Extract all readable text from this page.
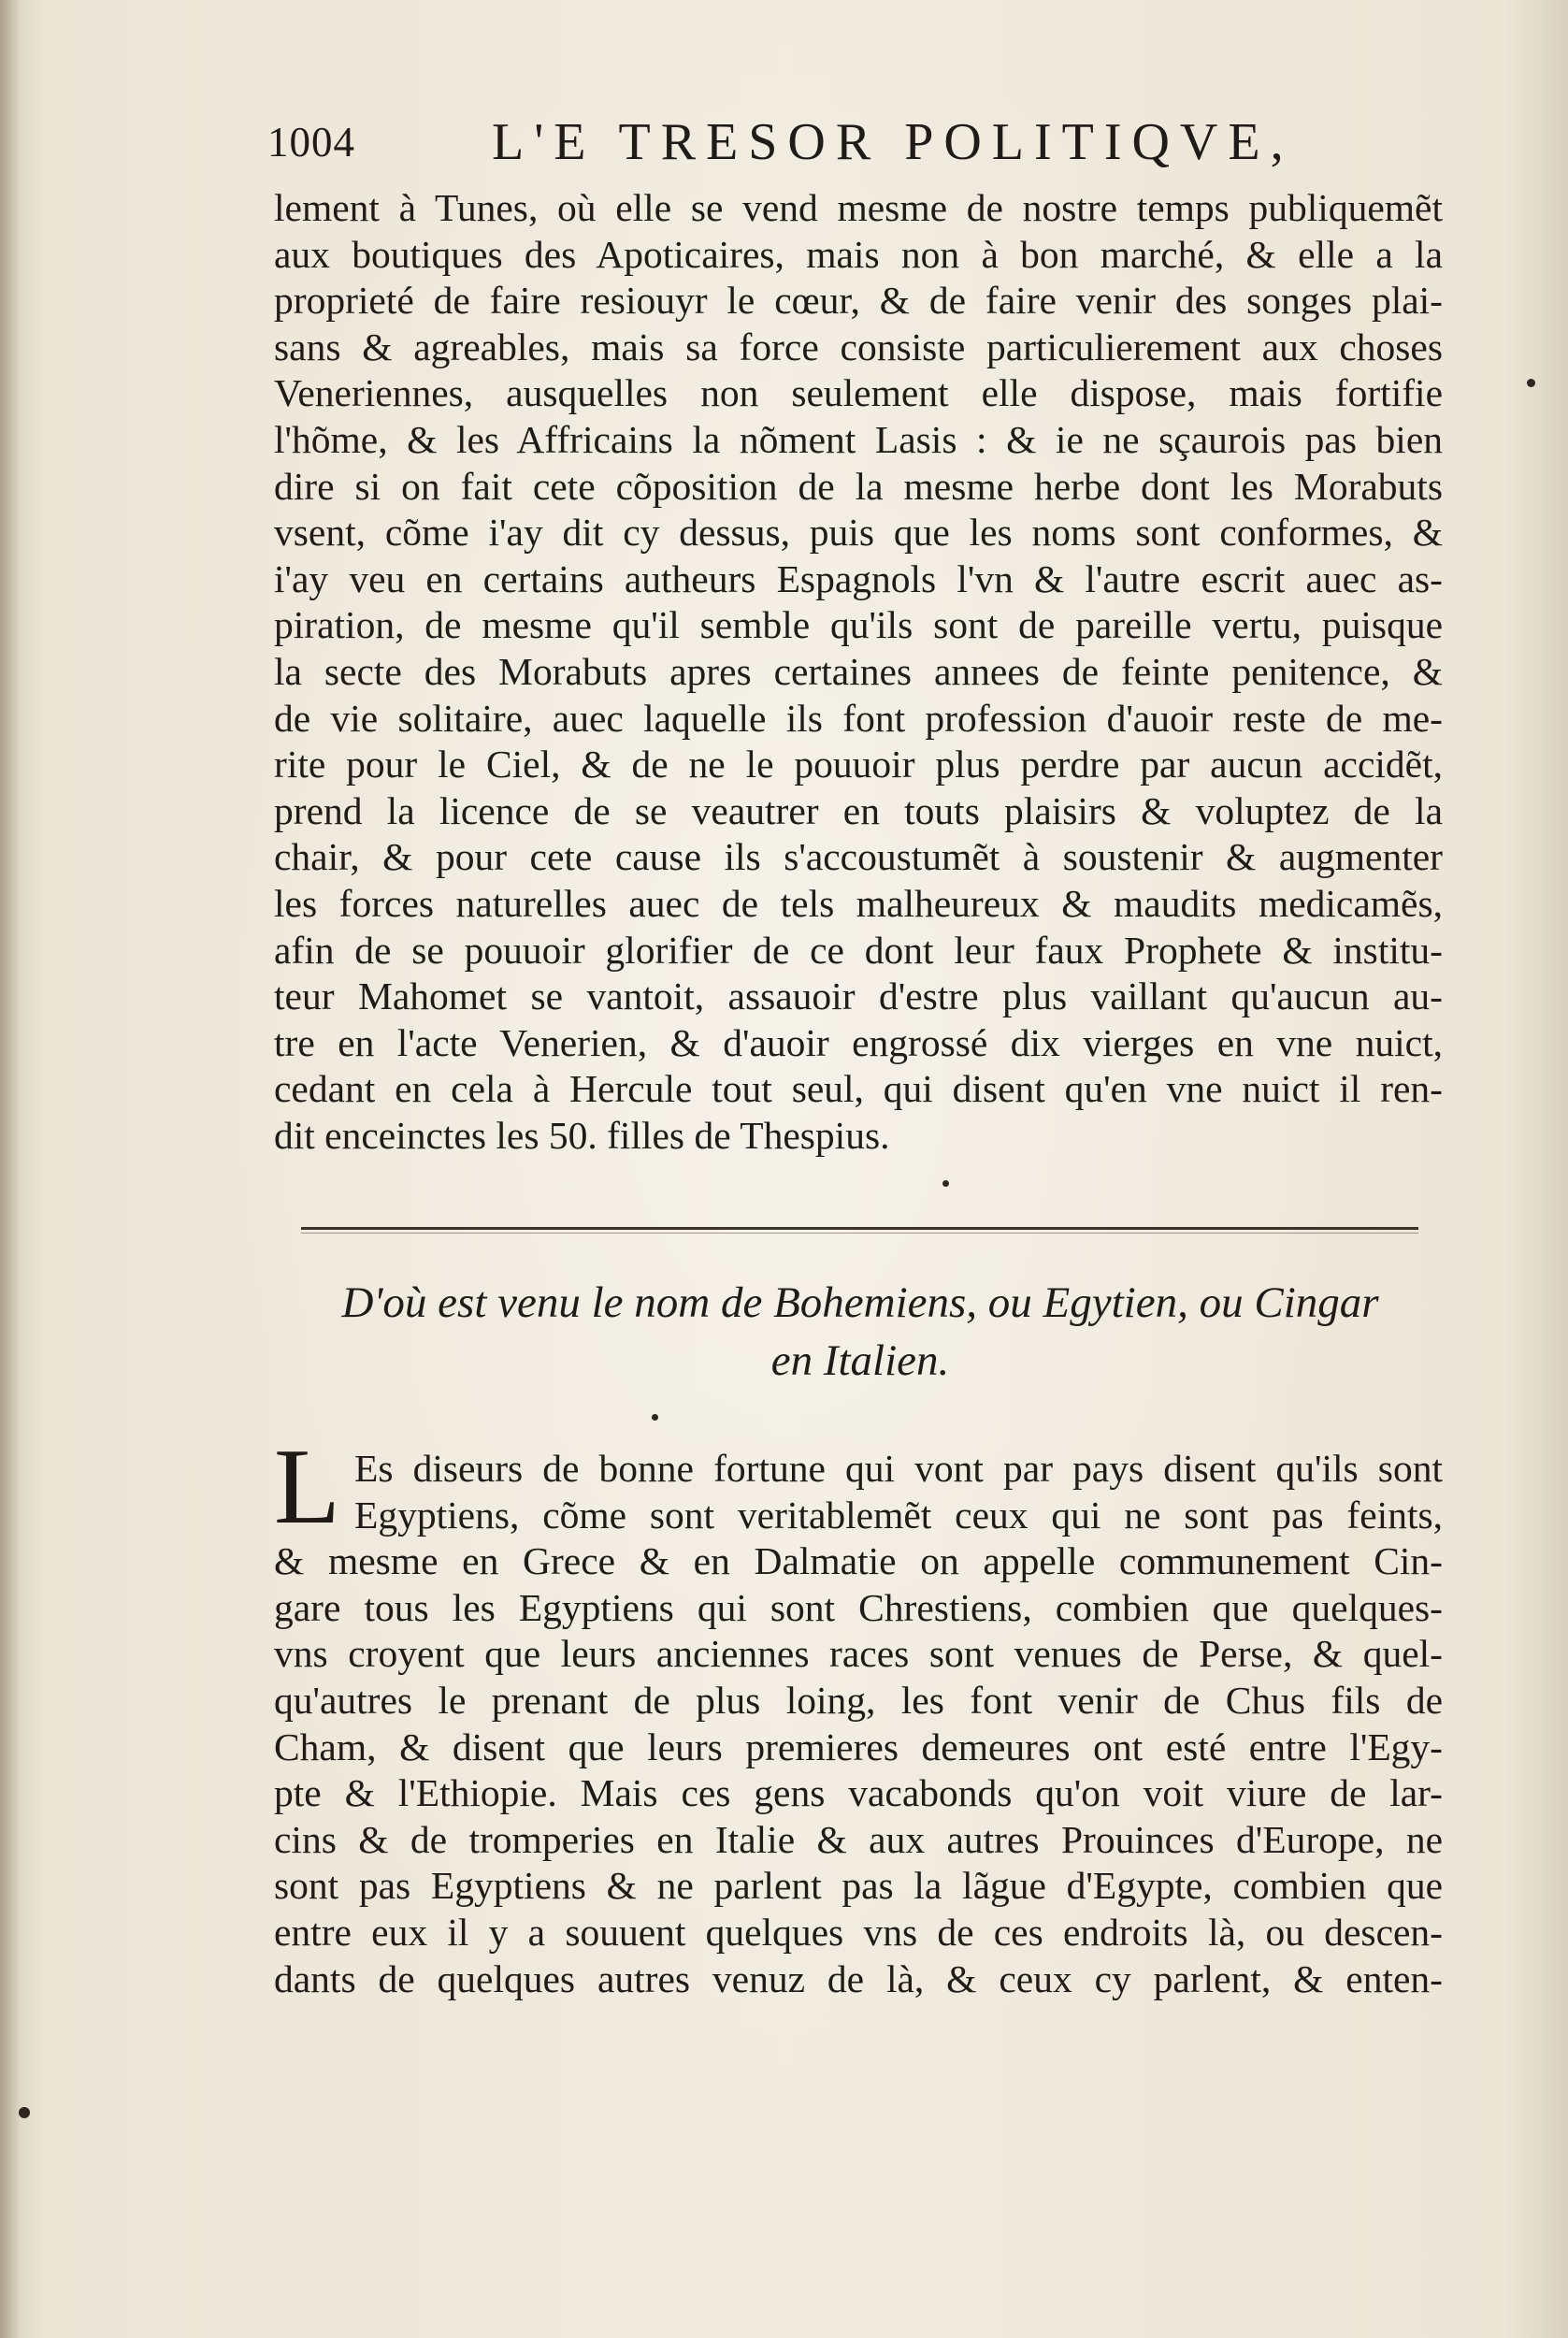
1004	L'E TRESOR POLITIQVE,
lement à Tunes, où elle se vend mesme de nostre temps publiquemẽt
aux boutiques des Apoticaires, mais non à bon marché, & elle a la
proprieté de faire resiouyr le cœur, & de faire venir des songes plai-
sans & agreables, mais sa force consiste particulierement aux choses
Veneriennes, ausquelles non seulement elle dispose, mais fortifie
l'hõme, & les Affricains la nõment Lasis : & ie ne sçaurois pas bien
dire si on fait cete cõposition de la mesme herbe dont les Morabuts
vsent, cõme i'ay dit cy dessus, puis que les noms sont conformes, &
i'ay veu en certains autheurs Espagnols l'vn & l'autre escrit auec as-
piration, de mesme qu'il semble qu'ils sont de pareille vertu, puisque
la secte des Morabuts apres certaines annees de feinte penitence, &
de vie solitaire, auec laquelle ils font profession d'auoir reste de me-
rite pour le Ciel, & de ne le pouuoir plus perdre par aucun accidẽt,
prend la licence de se veautrer en touts plaisirs & voluptez de la
chair, & pour cete cause ils s'accoustumẽt à soustenir & augmenter
les forces naturelles auec de tels malheureux & maudits medicamẽs,
afin de se pouuoir glorifier de ce dont leur faux Prophete & institu-
teur Mahomet se vantoit, assauoir d'estre plus vaillant qu'aucun au-
tre en l'acte Venerien, & d'auoir engrossé dix vierges en vne nuict,
cedant en cela à Hercule tout seul, qui disent qu'en vne nuict il ren-
dit enceinctes les 50. filles de Thespius.
D'où est venu le nom de Bohemiens, ou Egytien, ou Cingar
en Italien.
L Es diseurs de bonne fortune qui vont par pays disent qu'ils sont
Egyptiens, cõme sont veritablemẽt ceux qui ne sont pas feints,
& mesme en Grece & en Dalmatie on appelle communement Cin-
gare tous les Egyptiens qui sont Chrestiens, combien que quelques-
vns croyent que leurs anciennes races sont venues de Perse, & quel-
qu'autres le prenant de plus loing, les font venir de Chus fils de
Cham, & disent que leurs premieres demeures ont esté entre l'Egy-
pte & l'Ethiopie. Mais ces gens vacabonds qu'on voit viure de lar-
cins & de tromperies en Italie & aux autres Prouinces d'Europe, ne
sont pas Egyptiens & ne parlent pas la lãgue d'Egypte, combien que
entre eux il y a souuent quelques vns de ces endroits là, ou descen-
dants de quelques autres venuz de là, & ceux cy parlent, & enten-
